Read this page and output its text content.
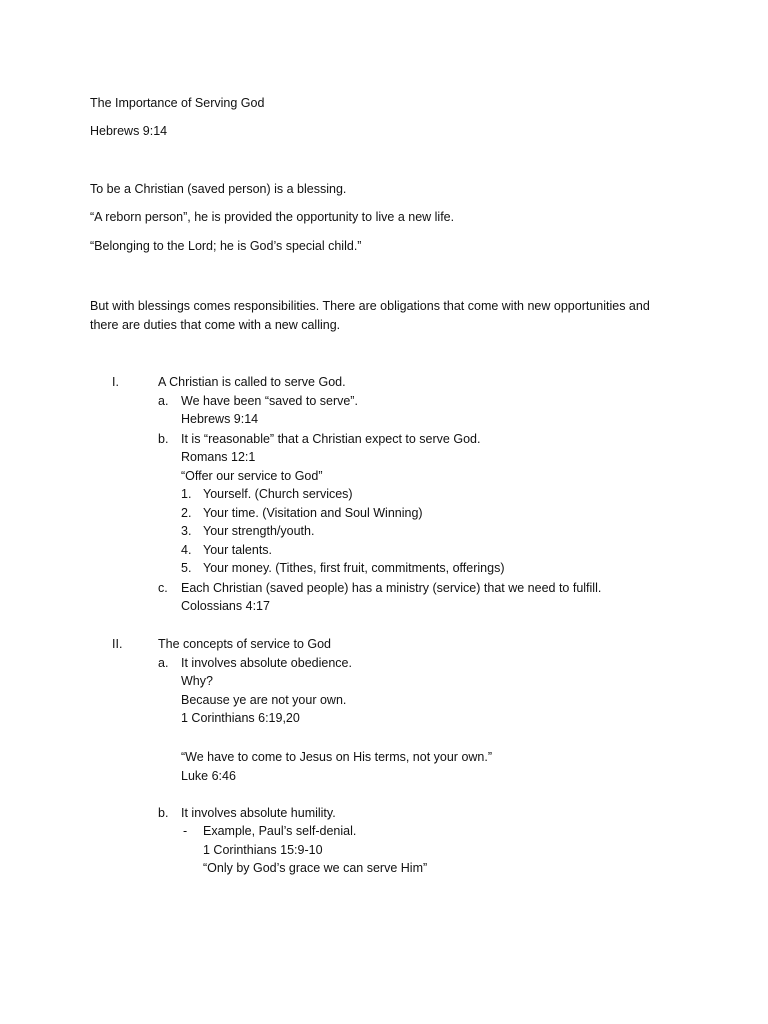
The Importance of Serving God
Hebrews 9:14
To be a Christian (saved person) is a blessing.
“A reborn person”, he is provided the opportunity to live a new life.
“Belonging to the Lord; he is God’s special child.”
But with blessings comes responsibilities. There are obligations that come with new opportunities and
there are duties that come with a new calling.
I.	A Christian is called to serve God.
a. We have been “saved to serve”.
Hebrews 9:14
b. It is “reasonable” that a Christian expect to serve God.
Romans 12:1
“Offer our service to God”
1. Yourself. (Church services)
2. Your time. (Visitation and Soul Winning)
3. Your strength/youth.
4. Your talents.
5. Your money. (Tithes, first fruit, commitments, offerings)
c. Each Christian (saved people) has a ministry (service) that we need to fulfill.
Colossians 4:17
II.	The concepts of service to God
a. It involves absolute obedience.
Why?
Because ye are not your own.
1 Corinthians 6:19,20
“We have to come to Jesus on His terms, not your own.”
Luke 6:46
b. It involves absolute humility.
- Example, Paul’s self-denial.
1 Corinthians 15:9-10
“Only by God’s grace we can serve Him”
